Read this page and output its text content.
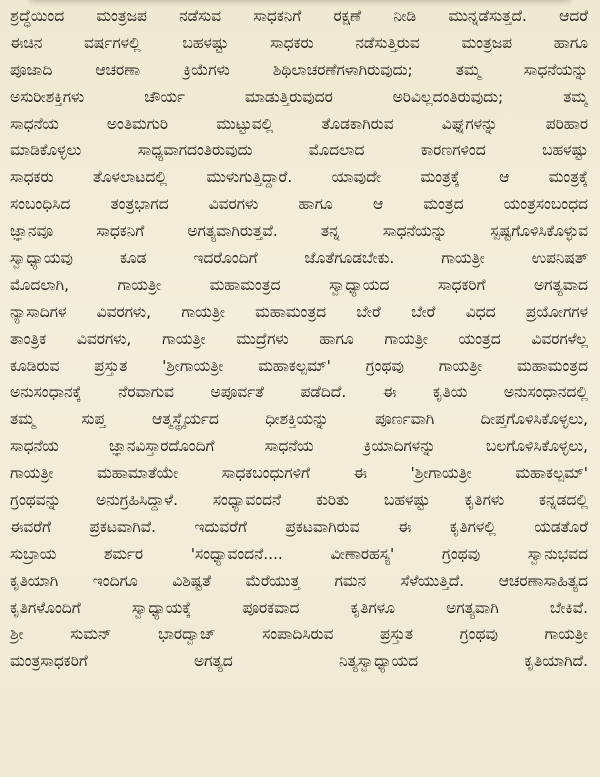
ಶ್ರದ್ಧೆಯಿಂದ ಮಂತ್ರಜಪ ನಡೆಸುವ ಸಾಧಕನಿಗೆ ರಕ್ಷಣೆ ನೀಡಿ ಮುನ್ನಡೆಸುತ್ತದೆ. ಆದರೆ
ಈಚಿನ ವರ್ಷಗಳಲ್ಲಿ ಬಹಳಷ್ಟು ಸಾಧಕರು ನಡೆಸುತ್ತಿರುವ ಮಂತ್ರಜಪ ಹಾಗೂ
ಪೂಜಾದಿ ಆಚರಣಾ ಕ್ರಿಯೆಗಳು ಶಿಥಿಲಾಚರಣೆಗಳಾಗಿರುವುದು; ತಮ್ಮ ಸಾಧನೆಯನ್ನು
ಅಸುರೀಶಕ್ತಿಗಳು ಚೌರ್ಯ ಮಾಡುತ್ತಿರುವುದರ ಅರಿವಿಲ್ಲದಂತಿರುವುದು; ತಮ್ಮ
ಸಾಧನೆಯ ಅಂತಿಮಗುರಿ ಮುಟ್ಟುವಲ್ಲಿ ತೊಡಕಾಗಿರುವ ವಿಘ್ನಗಳನ್ನು ಪರಿಹಾರ
ಮಾಡಿಕೊಳ್ಳಲು ಸಾಧ್ಯವಾಗದಂತಿರುವುದು ಮೊದಲಾದ ಕಾರಣಗಳಿಂದ ಬಹಳಷ್ಟು
ಸಾಧಕರು ತೊಳಲಾಟದಲ್ಲಿ ಮುಳುಗುತ್ತಿದ್ದಾರೆ. ಯಾವುದೇ ಮಂತ್ರಕ್ಕೆ ಆ ಮಂತ್ರಕ್ಕೆ
ಸಂಬಂಧಿಸಿದ ತಂತ್ರಭಾಗದ ವಿವರಗಳು ಹಾಗೂ ಆ ಮಂತ್ರದ ಯಂತ್ರಸಂಬಂಧದ
ಜ್ಞಾನವೂ ಸಾಧಕನಿಗೆ ಅಗತ್ಯವಾಗಿರುತ್ತವೆ. ತನ್ನ ಸಾಧನೆಯನ್ನು ಸ್ಪಷ್ಟಗೊಳಿಸಿಕೊಳ್ಳುವ
ಸ್ವಾಧ್ಯಾಯವು ಕೂಡ ಇದರೊಂದಿಗೆ ಜೊತೆಗೂಡಬೇಕು. ಗಾಯತ್ರೀ ಉಪನಿಷತ್
ಮೊದಲಾಗಿ, ಗಾಯತ್ರೀ ಮಹಾಮಂತ್ರದ ಸ್ವಾಧ್ಯಾಯದ ಸಾಧಕರಿಗೆ ಅಗತ್ಯವಾದ
ನ್ಯಾಸಾದಿಗಳ ವಿವರಗಳು, ಗಾಯತ್ರೀ ಮಹಾಮಂತ್ರದ ಬೇರೆ ಬೇರೆ ವಿಧದ ಪ್ರಯೋಗಗಳ
ತಾಂತ್ರಿಕ ವಿವರಗಳು, ಗಾಯತ್ರೀ ಮುದ್ರೆಗಳು ಹಾಗೂ ಗಾಯತ್ರೀ ಯಂತ್ರದ ವಿವರಗಳೆಲ್ಲ
ಕೂಡಿರುವ ಪ್ರಸ್ತುತ 'ಶ್ರೀಗಾಯತ್ರೀ ಮಹಾಕಲ್ಪಮ್' ಗ್ರಂಥವು ಗಾಯತ್ರೀ ಮಹಾಮಂತ್ರದ
ಅನುಸಂಧಾನಕ್ಕೆ ನೆರವಾಗುವ ಅಪೂರ್ವತೆ ಪಡೆದಿದೆ. ಈ ಕೃತಿಯ ಅನುಸಂಧಾನದಲ್ಲಿ
ತಮ್ಮ ಸುಪ್ತ ಆತ್ಮಸ್ಥೈರ್ಯದ ಧೀಶಕ್ತಿಯನ್ನು ಪೂರ್ಣವಾಗಿ ದೀಪ್ತಗೊಳಿಸಿಕೊಳ್ಳಲು,
ಸಾಧನೆಯ ಜ್ಞಾನವಿಸ್ತಾರದೊಂದಿಗೆ ಸಾಧನೆಯ ಕ್ರಿಯಾದಿಗಳನ್ನು ಬಲಗೊಳಿಸಿಕೊಳ್ಳಲು,
ಗಾಯತ್ರೀ ಮಹಾಮಾತೆಯೇ ಸಾಧಕಬಂಧುಗಳಿಗೆ ಈ 'ಶ್ರೀಗಾಯತ್ರೀ ಮಹಾಕಲ್ಪಮ್'
ಗ್ರಂಥವನ್ನು ಅನುಗ್ರಹಿಸಿದ್ದಾಳೆ. ಸಂಧ್ಯಾವಂದನೆ ಕುರಿತು ಬಹಳಷ್ಟು ಕೃತಿಗಳು ಕನ್ನಡದಲ್ಲಿ
ಈವರೆಗೆ ಪ್ರಕಟವಾಗಿವೆ. ಇದುವರೆಗೆ ಪ್ರಕಟವಾಗಿರುವ ಈ ಕೃತಿಗಳಲ್ಲಿ ಯಡತೊರೆ
ಸುಬ್ರಾಯ ಶರ್ಮರ 'ಸಂಧ್ಯಾವಂದನೆ.... ವೀಣಾರಹಸ್ಯ' ಗ್ರಂಥವು ಸ್ವಾನುಭವದ
ಕೃತಿಯಾಗಿ ಇಂದಿಗೂ ವಿಶಿಷ್ಟತೆ ಮೆರೆಯುತ್ತ ಗಮನ ಸೆಳೆಯುತ್ತಿದೆ. ಆಚರಣಾಸಾಹಿತ್ಯದ
ಕೃತಿಗಳೊಂದಿಗೆ ಸ್ವಾಧ್ಯಾಯಕ್ಕೆ ಪೂರಕವಾದ ಕೃತಿಗಳೂ ಅಗತ್ಯವಾಗಿ ಬೇಕಿವೆ.
ಶ್ರೀ ಸುಮನ್ ಭಾರದ್ವಾಜ್ ಸಂಪಾದಿಸಿರುವ ಪ್ರಸ್ತುತ ಗ್ರಂಥವು ಗಾಯತ್ರೀ
ಮಂತ್ರಸಾಧಕರಿಗೆ ಅಗತ್ಯದ ನಿತ್ಯಸ್ವಾಧ್ಯಾಯದ ಕೃತಿಯಾಗಿದೆ.
